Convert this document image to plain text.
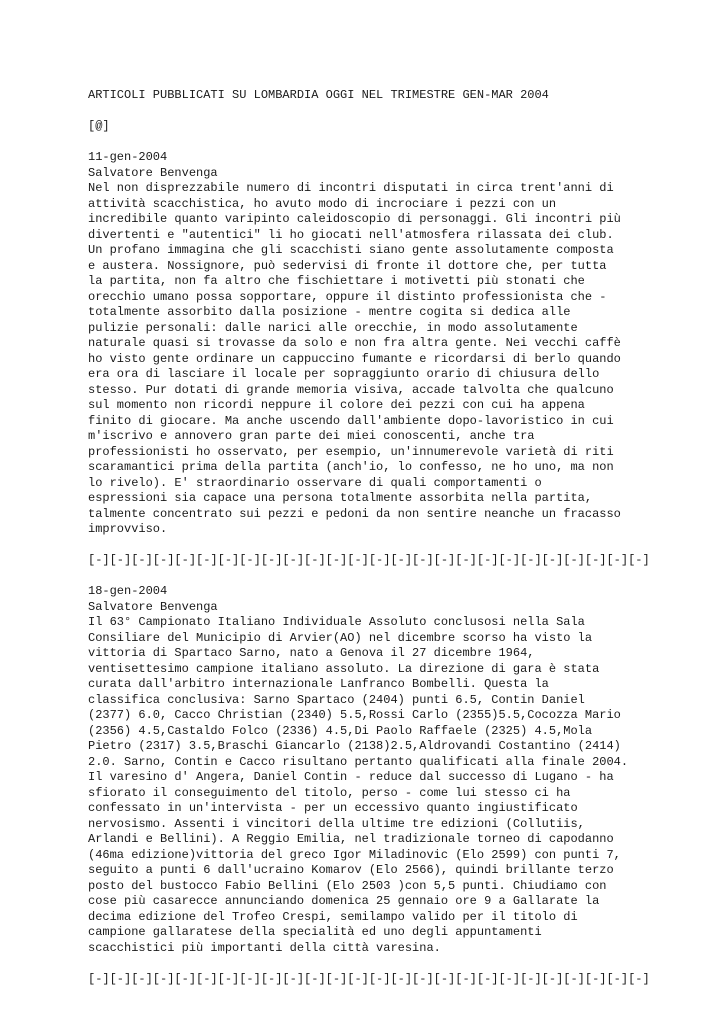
ARTICOLI PUBBLICATI SU LOMBARDIA OGGI NEL TRIMESTRE GEN-MAR 2004
[@]
11-gen-2004
Salvatore Benvenga
Nel non disprezzabile numero di incontri disputati in circa trent'anni di
attività scacchistica, ho avuto modo di incrociare i pezzi con un
incredibile quanto varipinto caleidoscopio di personaggi. Gli incontri più
divertenti e "autentici" li ho giocati nell'atmosfera rilassata dei club.
Un profano immagina che gli scacchisti siano gente assolutamente composta
e austera. Nossignore, può sedervisi di fronte il dottore che, per tutta
la partita, non fa altro che fischiettare i motivetti più stonati che
orecchio umano possa sopportare, oppure il distinto professionista che -
totalmente assorbito dalla posizione - mentre cogita si dedica alle
pulizie personali: dalle narici alle orecchie, in modo assolutamente
naturale quasi si trovasse da solo e non fra altra gente. Nei vecchi caffè
ho visto gente ordinare un cappuccino fumante e ricordarsi di berlo quando
era ora di lasciare il locale per sopraggiunto orario di chiusura dello
stesso. Pur dotati di grande memoria visiva, accade talvolta che qualcuno
sul momento non ricordi neppure il colore dei pezzi con cui ha appena
finito di giocare. Ma anche uscendo dall'ambiente dopo-lavoristico in cui
m'iscrivo e annovero gran parte dei miei conoscenti, anche tra
professionisti ho osservato, per esempio, un'innumerevole varietà di riti
scaramantici prima della partita (anch'io, lo confesso, ne ho uno, ma non
lo rivelo). E' straordinario osservare di quali comportamenti o
espressioni sia capace una persona totalmente assorbita nella partita,
talmente concentrato sui pezzi e pedoni da non sentire neanche un fracasso
improvviso.
[-][-][-][-][-][-][-][-][-][-][-][-][-][-][-][-][-][-][-][-][-][-][-][-][-][-]
18-gen-2004
Salvatore Benvenga
Il 63° Campionato Italiano Individuale Assoluto conclusosi nella Sala
Consiliare del Municipio di Arvier(AO) nel dicembre scorso ha visto la
vittoria di Spartaco Sarno, nato a Genova il 27 dicembre 1964,
ventisettesimo campione italiano assoluto. La direzione di gara è stata
curata dall'arbitro internazionale Lanfranco Bombelli. Questa la
classifica conclusiva: Sarno Spartaco (2404) punti 6.5, Contin Daniel
(2377) 6.0, Cacco Christian (2340) 5.5,Rossi Carlo (2355)5.5,Cocozza Mario
(2356) 4.5,Castaldo Folco (2336) 4.5,Di Paolo Raffaele (2325) 4.5,Mola
Pietro (2317) 3.5,Braschi Giancarlo (2138)2.5,Aldrovandi Costantino (2414)
2.0. Sarno, Contin e Cacco risultano pertanto qualificati alla finale 2004.
Il varesino d' Angera, Daniel Contin - reduce dal successo di Lugano - ha
sfiorato il conseguimento del titolo, perso - come lui stesso ci ha
confessato in un'intervista - per un eccessivo quanto ingiustificato
nervosismo. Assenti i vincitori della ultime tre edizioni (Collutiis,
Arlandi e Bellini). A Reggio Emilia, nel tradizionale torneo di capodanno
(46ma edizione)vittoria del greco Igor Miladinovic (Elo 2599) con punti 7,
seguito a punti 6 dall'ucraino Komarov (Elo 2566), quindi brillante terzo
posto del bustocco Fabio Bellini (Elo 2503 )con 5,5 punti. Chiudiamo con
cose più casarecce annunciando domenica 25 gennaio ore 9 a Gallarate la
decima edizione del Trofeo Crespi, semilampo valido per il titolo di
campione gallaratese della specialità ed uno degli appuntamenti
scacchistici più importanti della città varesina.
[-][-][-][-][-][-][-][-][-][-][-][-][-][-][-][-][-][-][-][-][-][-][-][-][-][-]
